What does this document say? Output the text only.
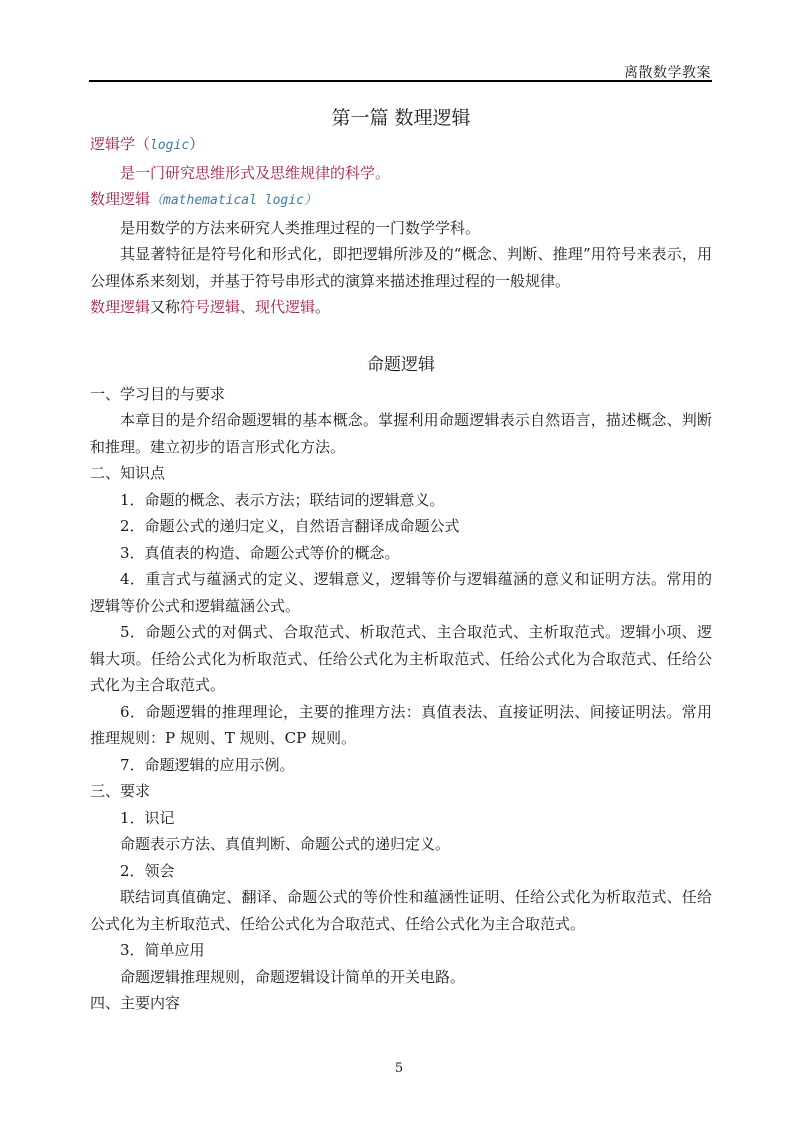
离散数学教案
第一篇 数理逻辑

逻辑学（logic）

是一门研究思维形式及思维规律的科学。

数理逻辑（mathematical logic）

是用数学的方法来研究人类推理过程的一门数学学科。

其显著特征是符号化和形式化，即把逻辑所涉及的“概念、判断、推理”用符号来表示，用公理体系来刻划，并基于符号串形式的演算来描述推理过程的一般规律。

数理逻辑又称符号逻辑、现代逻辑。

命题逻辑

一、学习目的与要求

本章目的是介绍命题逻辑的基本概念。掌握利用命题逻辑表示自然语言，描述概念、判断和推理。建立初步的语言形式化方法。

二、知识点

1．命题的概念、表示方法；联结词的逻辑意义。

2．命题公式的递归定义，自然语言翻译成命题公式

3．真值表的构造、命题公式等价的概念。

4．重言式与蕴涵式的定义、逻辑意义，逻辑等价与逻辑蕴涵的意义和证明方法。常用的逻辑等价公式和逻辑蕴涵公式。

5．命题公式的对偶式、合取范式、析取范式、主合取范式、主析取范式。逻辑小项、逻辑大项。任给公式化为析取范式、任给公式化为主析取范式、任给公式化为合取范式、任给公式化为主合取范式。

6．命题逻辑的推理理论，主要的推理方法：真值表法、直接证明法、间接证明法。常用推理规则：P 规则、T 规则、CP 规则。

7．命题逻辑的应用示例。

三、要求

1．识记

命题表示方法、真值判断、命题公式的递归定义。

2．领会

联结词真值确定、翻译、命题公式的等价性和蕴涵性证明、任给公式化为析取范式、任给公式化为主析取范式、任给公式化为合取范式、任给公式化为主合取范式。

3．简单应用

命题逻辑推理规则，命题逻辑设计简单的开关电路。

四、主要内容

5
